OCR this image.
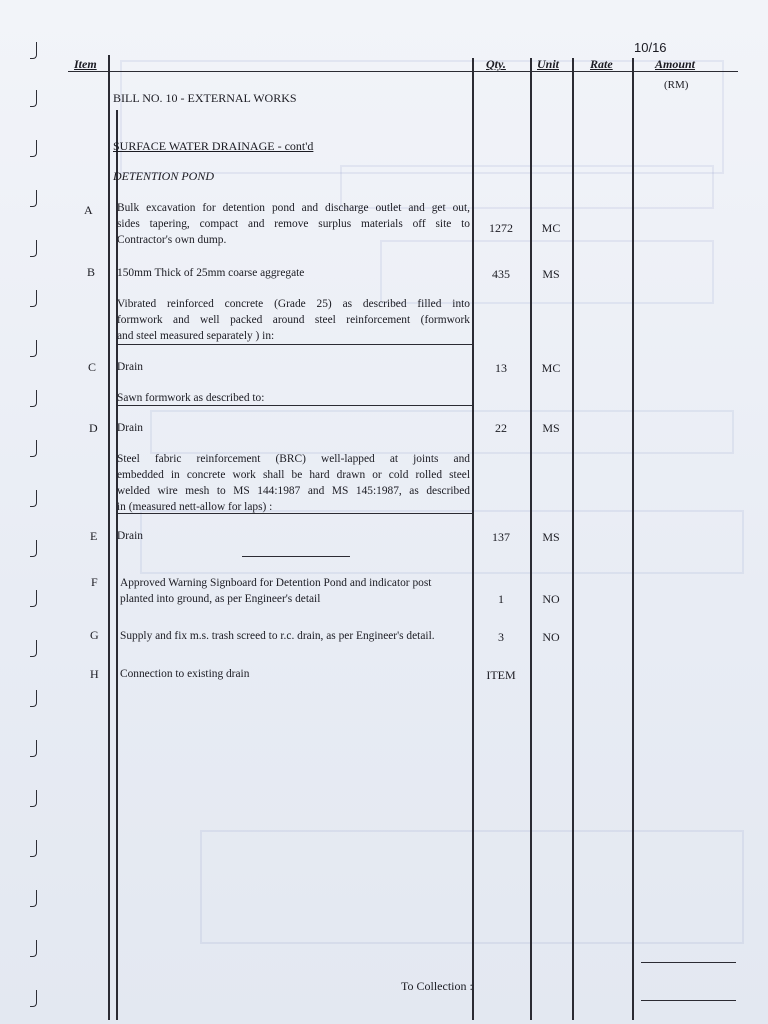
10/16
Item	Qty.	Unit	Rate	Amount
(RM)
BILL NO. 10 - EXTERNAL WORKS
SURFACE WATER DRAINAGE - cont'd
DETENTION POND
A Bulk excavation for detention pond and discharge outlet and get out,
sides tapering, compact and remove surplus materials off site to
Contractor's own dump.
1272	MC
B 150mm Thick of 25mm coarse aggregate	435	MS
Vibrated reinforced concrete (Grade 25) as described filled into
formwork and well packed around steel reinforcement (formwork
and steel measured separately ) in:
C Drain	13	MC
Sawn formwork as described to:
D Drain	22	MS
Steel fabric reinforcement (BRC) well-lapped at joints and
embedded in concrete work shall be hard drawn or cold rolled steel
welded wire mesh to MS 144:1987 and MS 145:1987, as described
in (measured nett-allow for laps) :
E Drain	137	MS
F Approved Warning Signboard for Detention Pond and indicator post
planted into ground, as per Engineer's detail	1	NO
G Supply and fix m.s. trash screed to r.c. drain, as per Engineer's detail.	3	NO
H Connection to existing drain	ITEM
To Collection :
